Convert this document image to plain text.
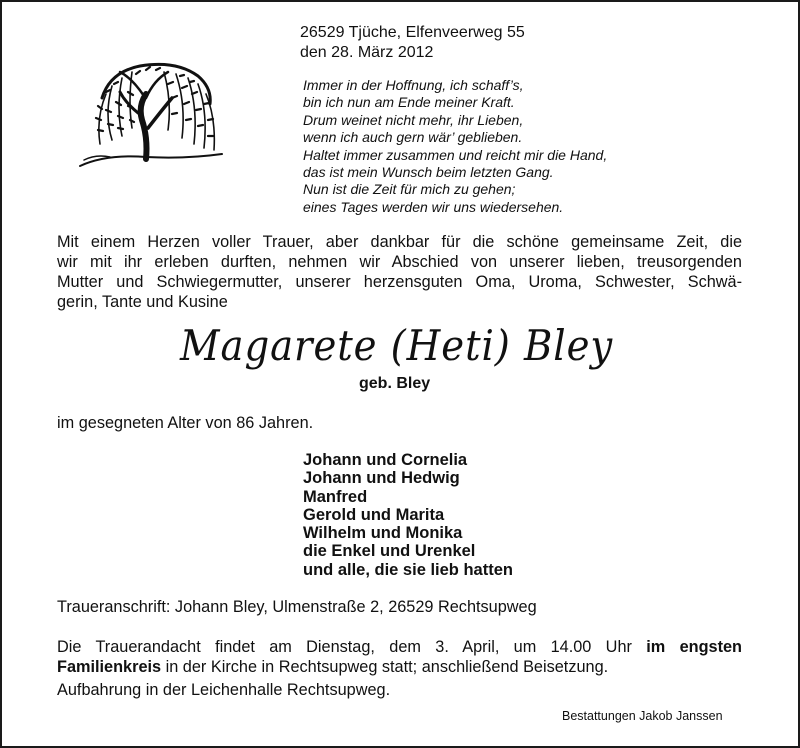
26529 Tjüche, Elfenveerweg 55
den 28. März 2012

Immer in der Hoffnung, ich schaff’s,

bin ich nun am Ende meiner Kraft.

Drum weinet nicht mehr, ihr Lieben,

wenn ich auch gern wär’ geblieben.

Haltet immer zusammen und reicht mir die Hand,

das ist mein Wunsch beim letzten Gang.

Nun ist die Zeit für mich zu gehen;

eines Tages werden wir uns wiedersehen.

Mit einem Herzen voller Trauer, aber dankbar für die schöne gemeinsame Zeit, die

wir mit ihr erleben durften, nehmen wir Abschied von unserer lieben, treusorgenden

Mutter und Schwiegermutter, unserer herzensguten Oma, Uroma, Schwester, Schwä-

gerin, Tante und Kusine

Magarete (Heti) Bley
geb. Bley
im gesegneten Alter von 86 Jahren.

Johann und Cornelia

Johann und Hedwig

Manfred

Gerold und Marita

Wilhelm und Monika

die Enkel und Urenkel

und alle, die sie lieb hatten

Traueranschrift: Johann Bley, Ulmenstraße 2, 26529 Rechtsupweg

Die Trauerandacht findet am Dienstag, dem 3. April, um 14.00 Uhr im engsten

Familienkreis in der Kirche in Rechtsupweg statt; anschließend Beisetzung.

Aufbahrung in der Leichenhalle Rechtsupweg.
Bestattungen Jakob Janssen
